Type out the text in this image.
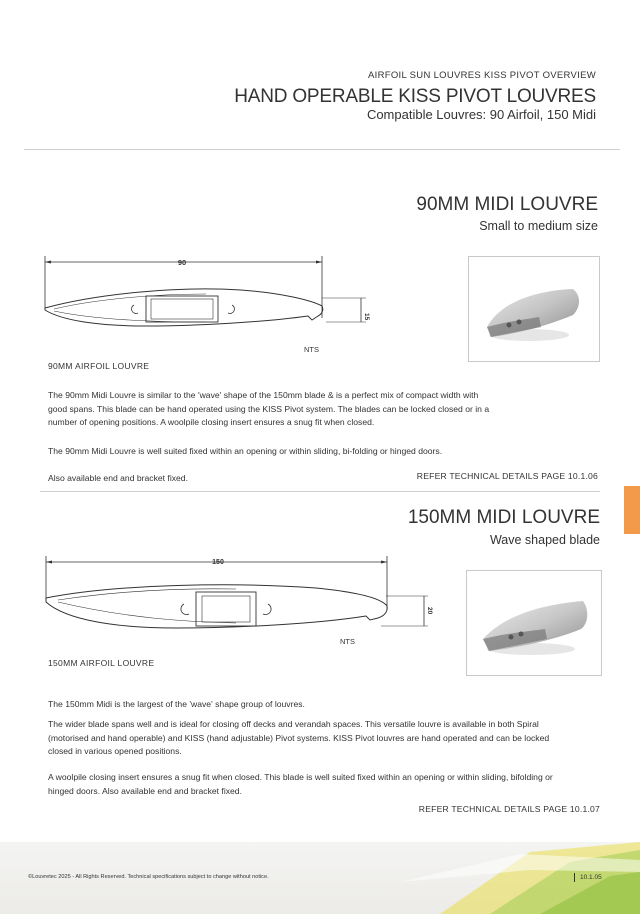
AIRFOIL SUN LOUVRES KISS PIVOT OVERVIEW
HAND OPERABLE KISS PIVOT LOUVRES
Compatible Louvres: 90 Airfoil, 150 Midi
90MM MIDI LOUVRE
Small to medium size
90
15
NTS
90MM AIRFOIL LOUVRE
The 90mm Midi Louvre is similar to the 'wave' shape of the 150mm blade & is a perfect mix of compact width with
good spans. This blade can be hand operated using the KISS Pivot system. The blades can be locked closed or in a
number of opening positions. A woolpile closing insert ensures a snug fit when closed.
The 90mm Midi Louvre is well suited fixed within an opening or within sliding, bi-folding or hinged doors.
Also available end and bracket fixed.	REFER TECHNICAL DETAILS PAGE 10.1.06
150MM MIDI LOUVRE
Wave shaped blade
150
20
NTS
150MM AIRFOIL LOUVRE
The 150mm Midi is the largest of the 'wave' shape group of louvres.
The wider blade spans well and is ideal for closing off decks and verandah spaces. This versatile louvre is available in both Spiral
(motorised and hand operable) and KISS (hand adjustable) Pivot systems. KISS Pivot louvres are hand operated and can be locked
closed in various opened positions.
A woolpile closing insert ensures a snug fit when closed. This blade is well suited fixed within an opening or within sliding, bifolding or
hinged doors. Also available end and bracket fixed.
REFER TECHNICAL DETAILS PAGE 10.1.07
©Louvretec 2025 - All Rights Reserved. Technical specifications subject to change without notice.	10.1.05
